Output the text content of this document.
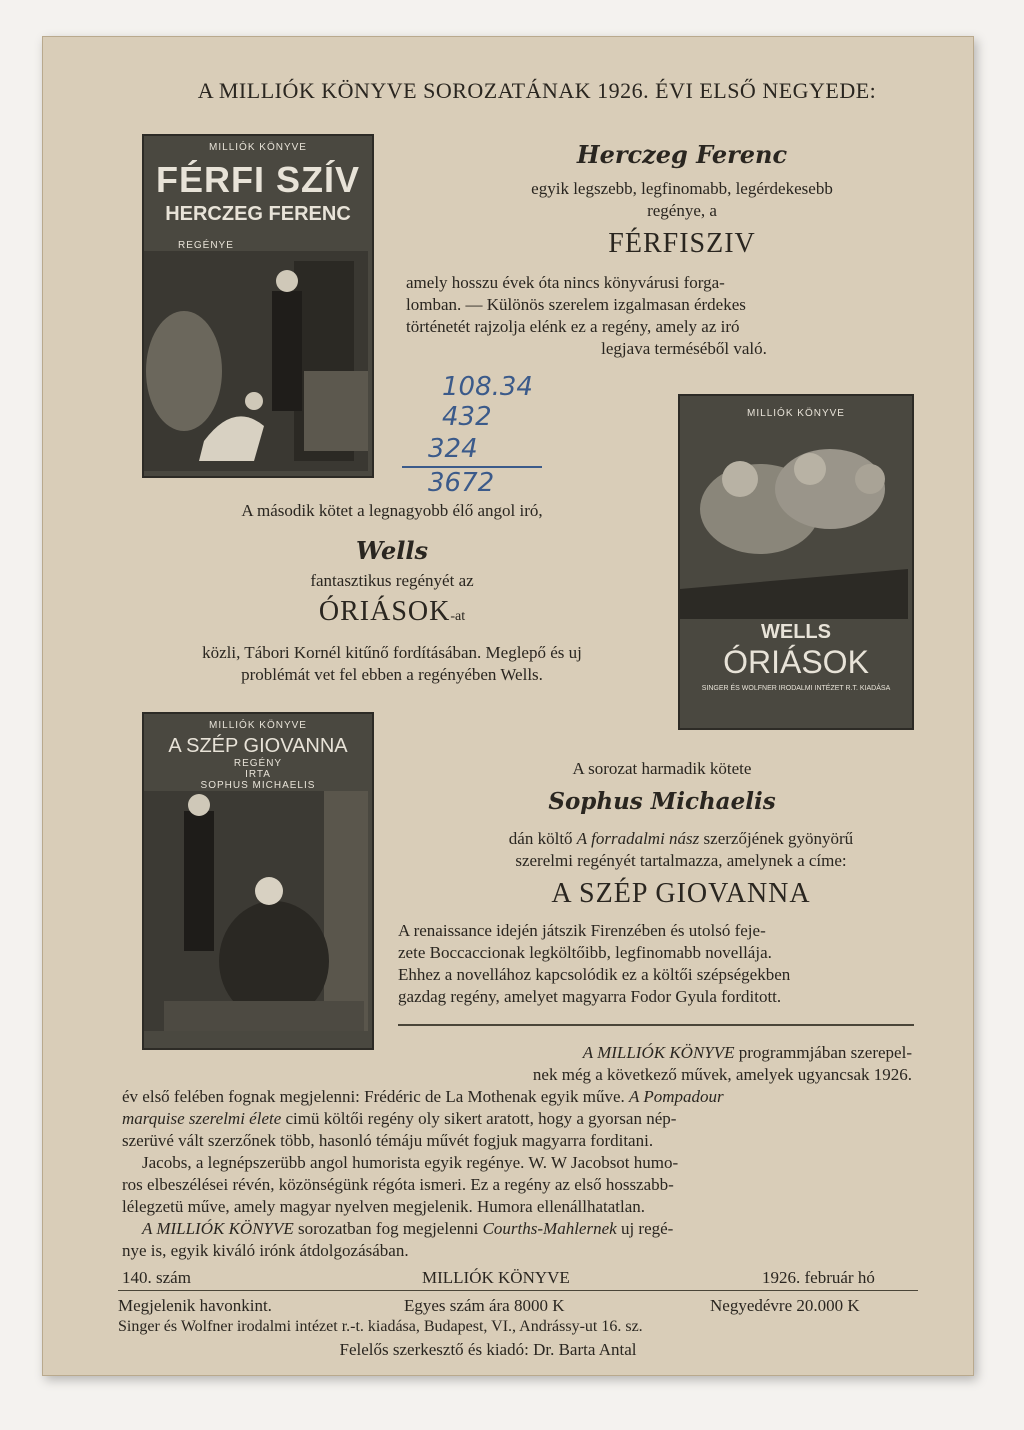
A MILLIÓK KÖNYVE SOROZATÁNAK 1926. ÉVI ELSŐ NEGYEDE:
MILLIÓK KÖNYVE
FÉRFI SZÍV
HERCZEG FERENC
REGÉNYE
Herczeg Ferenc
egyik legszebb, legfinomabb, legérdekesebb
regénye, a
FÉRFISZIV
amely hosszu évek óta nincs könyvárusi forga-
lomban. — Különös szerelem izgalmasan érdekes
történetét rajzolja elénk ez a regény, amely az iró
legjava terméséből való.
108.34
432
324
3672
MILLIÓK KÖNYVE
WELLS
ÓRIÁSOK
SINGER ÉS WOLFNER IRODALMI INTÉZET R.T. KIADÁSA
A második kötet a legnagyobb élő angol iró,
Wells
fantasztikus regényét az
ÓRIÁSOK-at
közli, Tábori Kornél kitűnő fordításában. Meglepő és uj
problémát vet fel ebben a regényében Wells.
MILLIÓK KÖNYVE
A SZÉP GIOVANNA
REGÉNY
IRTA
SOPHUS MICHAELIS
A sorozat harmadik kötete
Sophus Michaelis
dán költő A forradalmi nász szerzőjének gyönyörű
szerelmi regényét tartalmazza, amelynek a címe:
A SZÉP GIOVANNA
A renaissance idején játszik Firenzében és utolsó feje-
zete Boccaccionak legköltőibb, legfinomabb novellája.
Ehhez a novellához kapcsolódik ez a költői szépségekben
gazdag regény, amelyet magyarra Fodor Gyula forditott.
A MILLIÓK KÖNYVE programmjában szerepel-
nek még a következő művek, amelyek ugyancsak 1926.
év első felében fognak megjelenni: Frédéric de La Mothenak egyik műve. A Pompadour
marquise szerelmi élete cimü költői regény oly sikert aratott, hogy a gyorsan nép-
szerüvé vált szerzőnek több, hasonló témáju művét fogjuk magyarra forditani.
Jacobs, a legnépszerübb angol humorista egyik regénye. W. W Jacobsot humo-
ros elbeszélései révén, közönségünk régóta ismeri. Ez a regény az első hosszabb-
lélegzetü műve, amely magyar nyelven megjelenik. Humora ellenállhatatlan.
A MILLIÓK KÖNYVE sorozatban fog megjelenni Courths-Mahlernek uj regé-
nye is, egyik kiváló irónk átdolgozásában.
140. szám	MILLIÓK KÖNYVE	1926. február hó
Megjelenik havonkint.	Egyes szám ára 8000 K	Negyedévre 20.000 K
Singer és Wolfner irodalmi intézet r.-t. kiadása, Budapest, VI., Andrássy-ut 16. sz.
Felelős szerkesztő és kiadó: Dr. Barta Antal
